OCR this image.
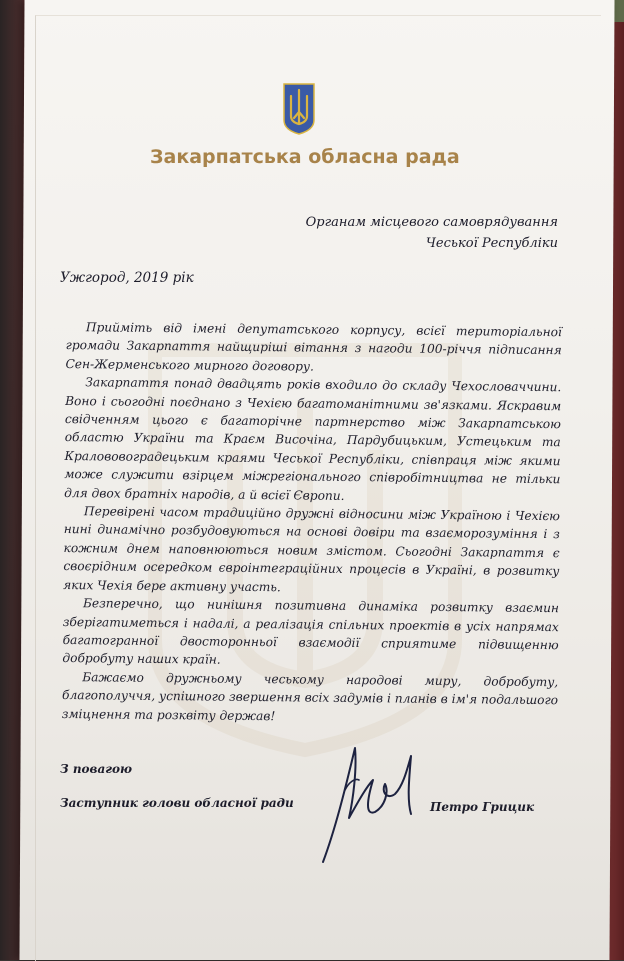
Закарпатська обласна рада
Органам місцевого самоврядування
Чеської Республіки
Ужгород, 2019 рік

Прийміть від імені депутатського корпусу, всієї територіальної громади Закарпаття найщиріші вітання з нагоди 100-річчя підписання Сен-Жерменського мирного договору.

Закарпаття понад двадцять років входило до складу Чехословаччини. Воно і сьогодні поєднано з Чехією багатоманітними зв'язками. Яскравим свідченням цього є багаторічне партнерство між Закарпатською областю України та Краєм Височіна, Пардубицьким, Устецьким та Кралововоградецьким краями Чеської Республіки, співпраця між якими може служити взірцем міжрегіонального співробітництва не тільки для двох братніх народів, а й всієї Європи.

Перевірені часом традиційно дружні відносини між Україною і Чехією нині динамічно розбудовуються на основі довіри та взаєморозуміння і з кожним днем наповнюються новим змістом. Сьогодні Закарпаття є своєрідним осередком євроінтеграційних процесів в Україні, в розвитку яких Чехія бере активну участь.

Безперечно, що нинішня позитивна динаміка розвитку взаємин зберігатиметься і надалі, а реалізація спільних проектів в усіх напрямах багатогранної двосторонньої взаємодії сприятиме підвищенню добробуту наших країн.

Бажаємо дружньому чеському народові миру, добробуту, благополуччя, успішного звершення всіх задумів і планів в ім'я подальшого зміцнення та розквіту держав!

З повагою
Заступник голови обласної ради	Петро Грицик
